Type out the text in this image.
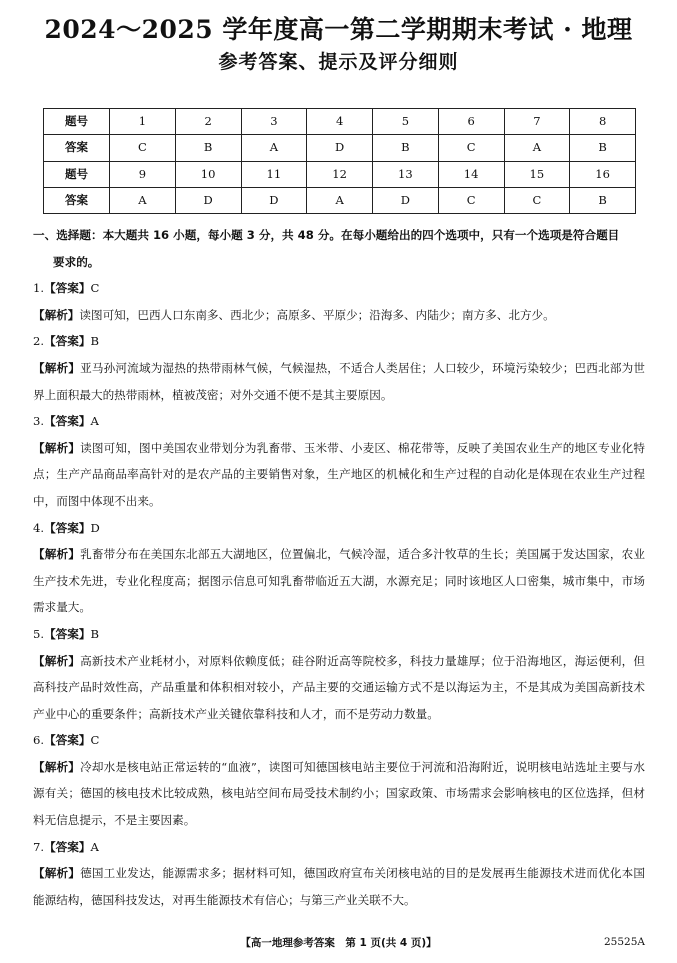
2024～2025 学年度高一第二学期期末考试 · 地理
参考答案、提示及评分细则
题号	1	2	3	4	5	6	7	8
答案	C	B	A	D	B	C	A	B
题号	9	10	11	12	13	14	15	16
答案	A	D	D	A	D	C	C	B

一、选择题：本大题共 16 小题，每小题 3 分，共 48 分。在每小题给出的四个选项中，只有一个选项是符合题目
要求的。

1.【答案】C

【解析】读图可知，巴西人口东南多、西北少；高原多、平原少；沿海多、内陆少；南方多、北方少。

2.【答案】B

【解析】亚马孙河流域为湿热的热带雨林气候，气候湿热，不适合人类居住；人口较少，环境污染较少；巴西北部为世界上面积最大的热带雨林，植被茂密；对外交通不便不是其主要原因。

3.【答案】A

【解析】读图可知，图中美国农业带划分为乳畜带、玉米带、小麦区、棉花带等，反映了美国农业生产的地区专业化特点；生产产品商品率高针对的是农产品的主要销售对象，生产地区的机械化和生产过程的自动化是体现在农业生产过程中，而图中体现不出来。

4.【答案】D

【解析】乳畜带分布在美国东北部五大湖地区，位置偏北，气候冷湿，适合多汁牧草的生长；美国属于发达国家，农业生产技术先进，专业化程度高；据图示信息可知乳畜带临近五大湖，水源充足；同时该地区人口密集，城市集中，市场需求量大。

5.【答案】B

【解析】高新技术产业耗材小，对原料依赖度低；硅谷附近高等院校多，科技力量雄厚；位于沿海地区，海运便利，但高科技产品时效性高，产品重量和体积相对较小，产品主要的交通运输方式不是以海运为主，不是其成为美国高新技术产业中心的重要条件；高新技术产业关键依靠科技和人才，而不是劳动力数量。

6.【答案】C

【解析】冷却水是核电站正常运转的“血液”，读图可知德国核电站主要位于河流和沿海附近，说明核电站选址主要与水源有关；德国的核电技术比较成熟，核电站空间布局受技术制约小；国家政策、市场需求会影响核电的区位选择，但材料无信息提示，不是主要因素。

7.【答案】A

【解析】德国工业发达，能源需求多；据材料可知，德国政府宣布关闭核电站的目的是发展再生能源技术进而优化本国能源结构，德国科技发达，对再生能源技术有信心；与第三产业关联不大。

【高一地理参考答案　第 1 页(共 4 页)】	25525A
